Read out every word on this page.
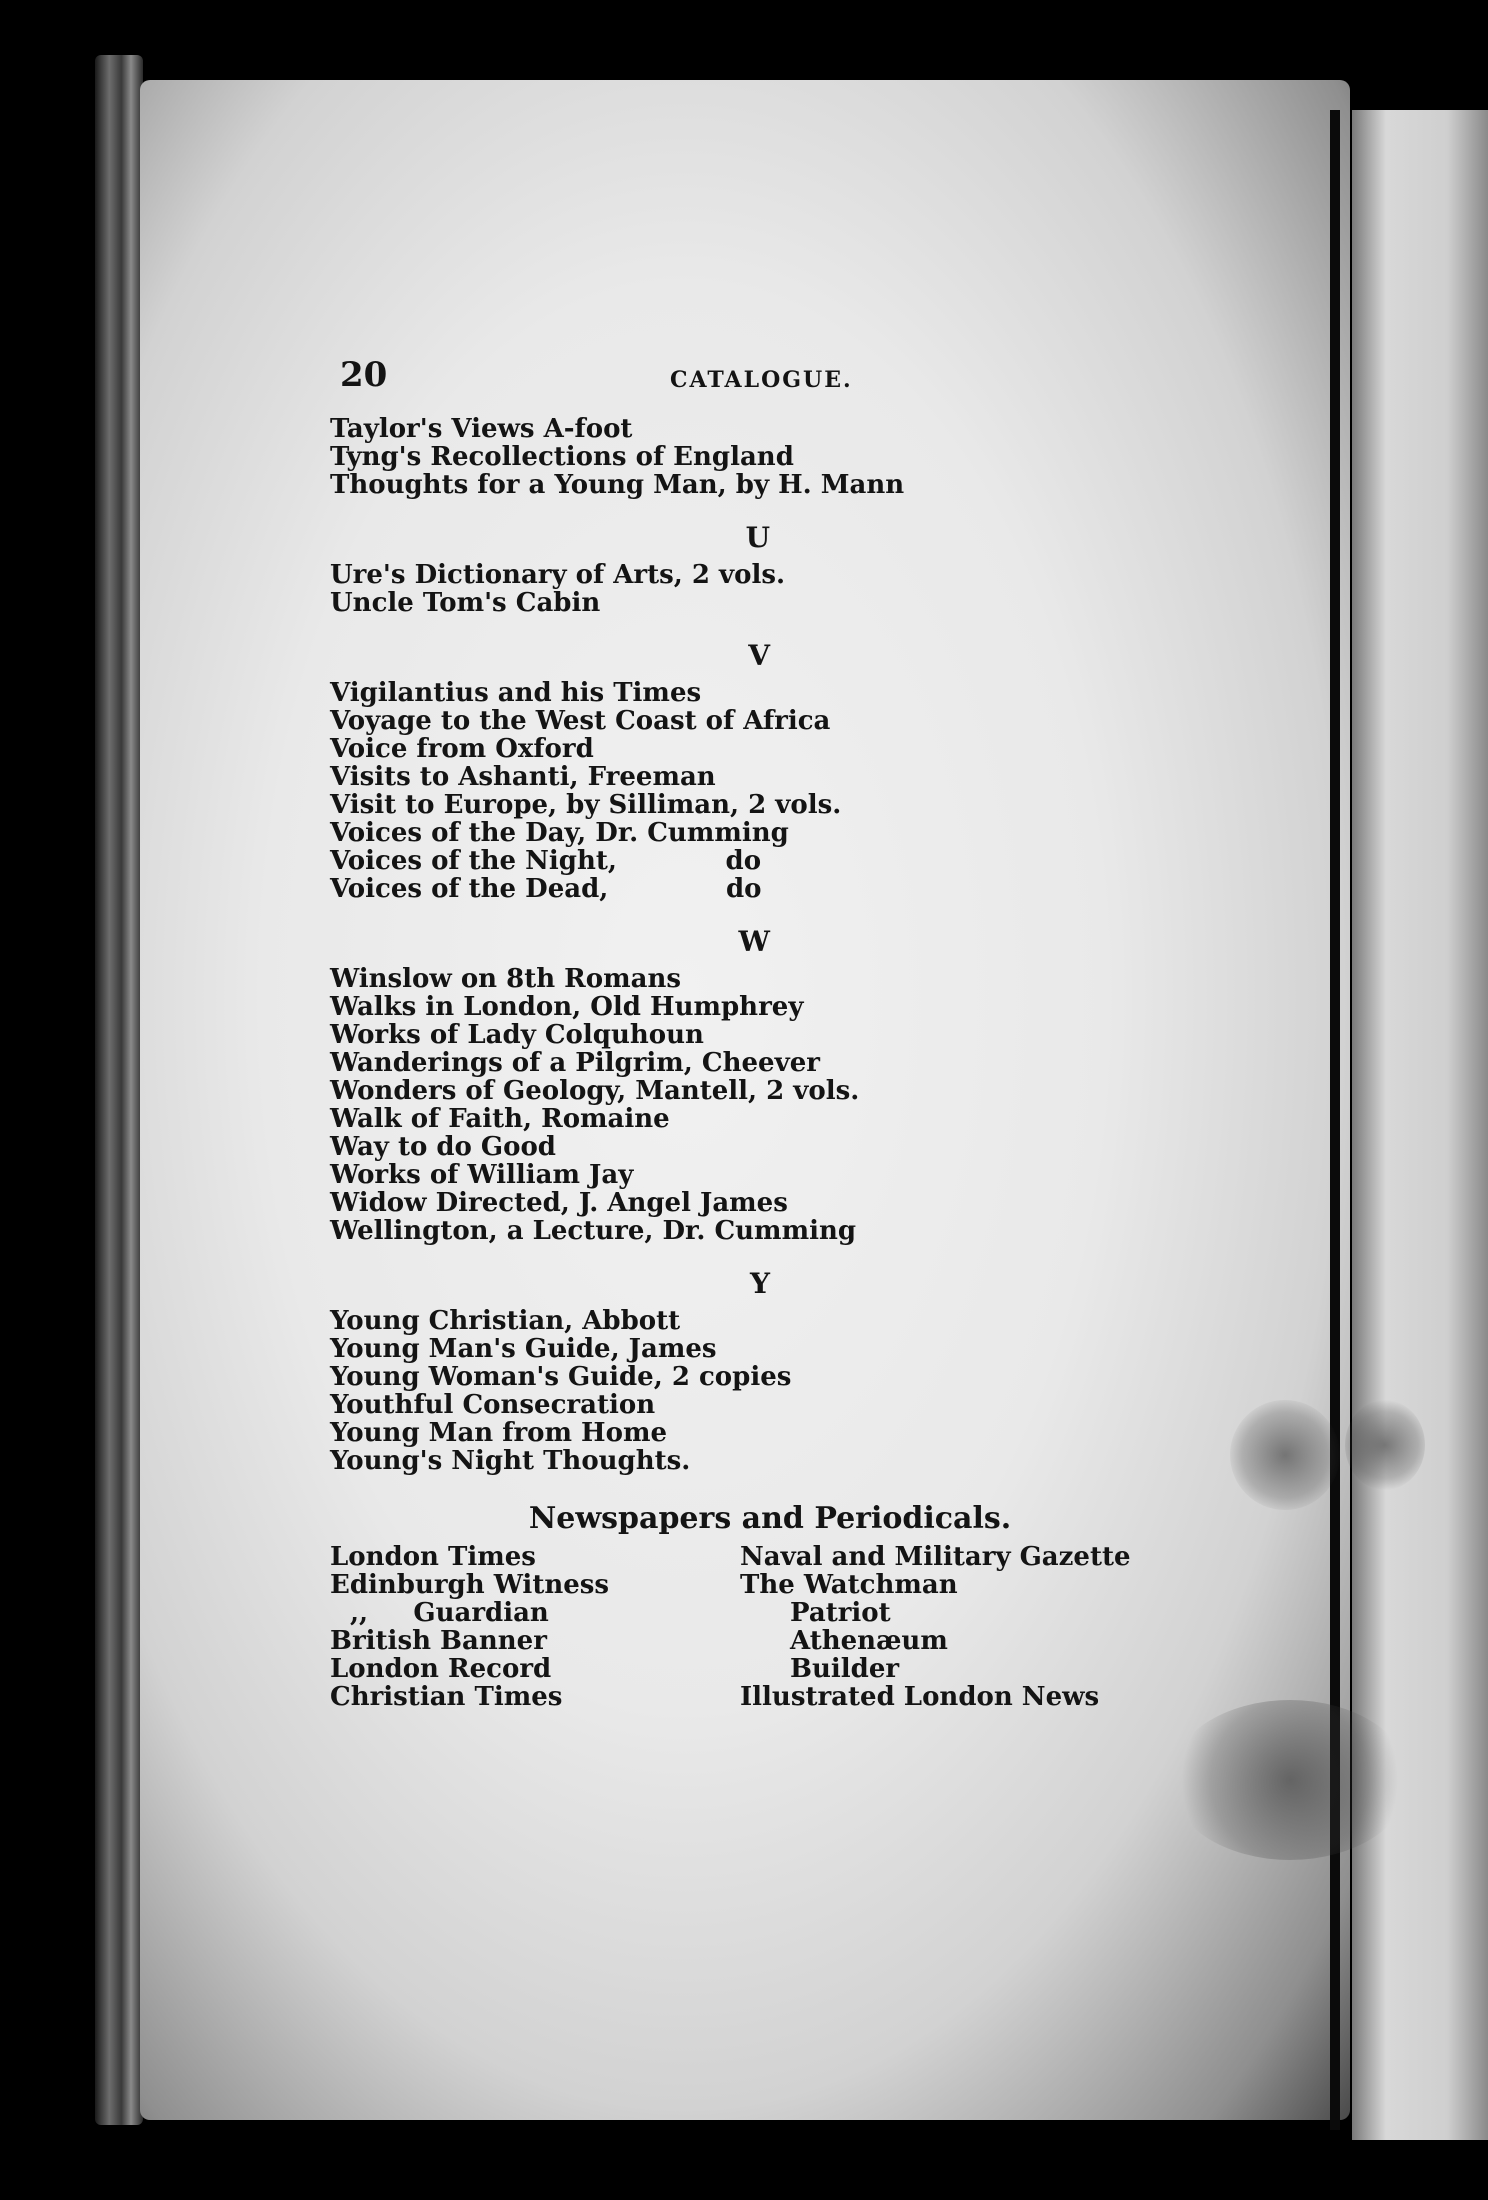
20	CATALOGUE.
Taylor's Views A-foot
Tyng's Recollections of England
Thoughts for a Young Man, by H. Mann
U
Ure's Dictionary of Arts, 2 vols.
Uncle Tom's Cabin
V
Vigilantius and his Times
Voyage to the West Coast of Africa
Voice from Oxford
Visits to Ashanti, Freeman
Visit to Europe, by Silliman, 2 vols.
Voices of the Day, Dr. Cumming
Voices of the Night,            do
Voices of the Dead,             do
W
Winslow on 8th Romans
Walks in London, Old Humphrey
Works of Lady Colquhoun
Wanderings of a Pilgrim, Cheever
Wonders of Geology, Mantell, 2 vols.
Walk of Faith, Romaine
Way to do Good
Works of William Jay
Widow Directed, J. Angel James
Wellington, a Lecture, Dr. Cumming
Y
Young Christian, Abbott
Young Man's Guide, James
Young Woman's Guide, 2 copies
Youthful Consecration
Young Man from Home
Young's Night Thoughts.
Newspapers and Periodicals.
London Times
Edinburgh Witness
,,     Guardian
British Banner
London Record
Christian Times
Naval and Military Gazette
The Watchman
Patriot
Athenæum
Builder
Illustrated London News
